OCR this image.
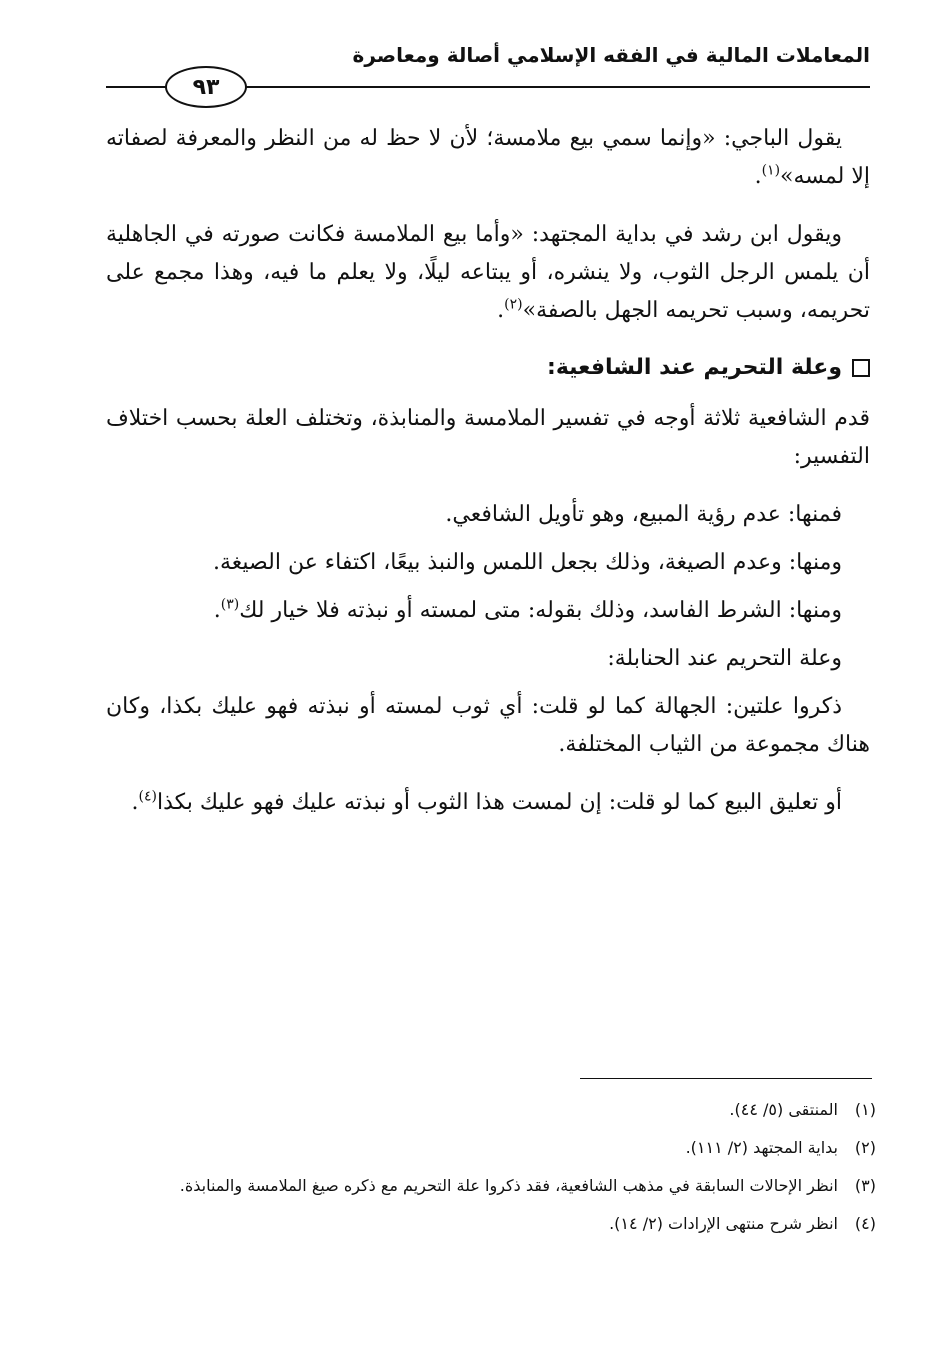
المعاملات المالية في الفقه الإسلامي أصالة ومعاصرة
٩٣

يقول الباجي: «وإنما سمي بيع ملامسة؛ لأن لا حظ له من النظر والمعرفة لصفاته إلا لمسه»$^{(١)}$.

ويقول ابن رشد في بداية المجتهد: «وأما بيع الملامسة فكانت صورته في الجاهلية أن يلمس الرجل الثوب، ولا ينشره، أو يبتاعه ليلًا، ولا يعلم ما فيه، وهذا مجمع على تحريمه، وسبب تحريمه الجهل بالصفة»$^{(٢)}$.

وعلة التحريم عند الشافعية:

قدم الشافعية ثلاثة أوجه في تفسير الملامسة والمنابذة، وتختلف العلة بحسب اختلاف التفسير:

فمنها: عدم رؤية المبيع، وهو تأويل الشافعي.

ومنها: وعدم الصيغة، وذلك بجعل اللمس والنبذ بيعًا، اكتفاء عن الصيغة.

ومنها: الشرط الفاسد، وذلك بقوله: متى لمسته أو نبذته فلا خيار لك$^{(٣)}$.

وعلة التحريم عند الحنابلة:

ذكروا علتين: الجهالة كما لو قلت: أي ثوب لمسته أو نبذته فهو عليك بكذا، وكان هناك مجموعة من الثياب المختلفة.

أو تعليق البيع كما لو قلت: إن لمست هذا الثوب أو نبذته عليك فهو عليك بكذا$^{(٤)}$.

(١)
المنتقى (٥/ ٤٤).
(٢)
بداية المجتهد (٢/ ١١١).
(٣)
انظر الإحالات السابقة في مذهب الشافعية، فقد ذكروا علة التحريم مع ذكره صيغ الملامسة والمنابذة.
(٤)
انظر شرح منتهى الإرادات (٢/ ١٤).
